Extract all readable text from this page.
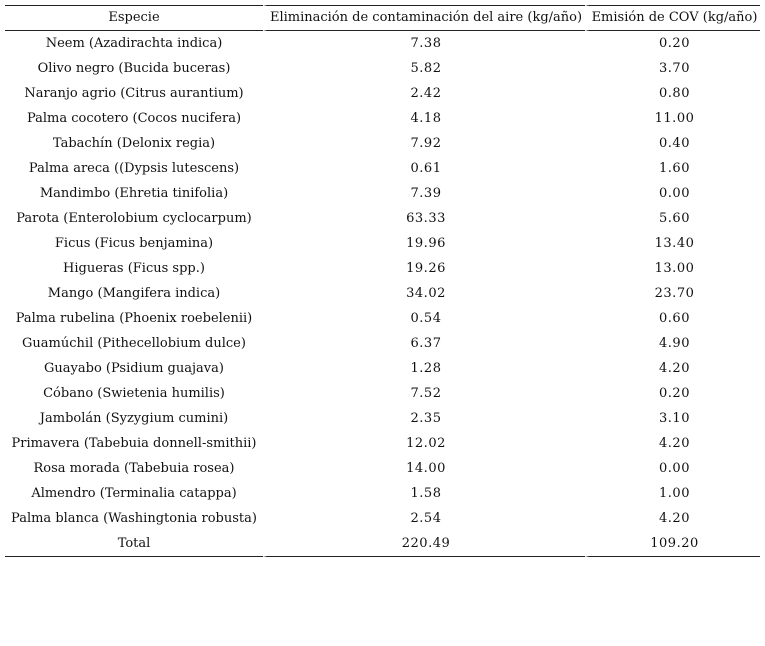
Especie	Eliminación de contaminación del aire (kg/año)	Emisión de COV (kg/año)
Neem (Azadirachta indica)	7.38	0.20
Olivo negro (Bucida buceras)	5.82	3.70
Naranjo agrio (Citrus aurantium)	2.42	0.80
Palma cocotero (Cocos nucifera)	4.18	11.00
Tabachín (Delonix regia)	7.92	0.40
Palma areca ((Dypsis lutescens)	0.61	1.60
Mandimbo (Ehretia tinifolia)	7.39	0.00
Parota (Enterolobium cyclocarpum)	63.33	5.60
Ficus (Ficus benjamina)	19.96	13.40
Higueras (Ficus spp.)	19.26	13.00
Mango (Mangifera indica)	34.02	23.70
Palma rubelina (Phoenix roebelenii)	0.54	0.60
Guamúchil (Pithecellobium dulce)	6.37	4.90
Guayabo (Psidium guajava)	1.28	4.20
Cóbano (Swietenia humilis)	7.52	0.20
Jambolán (Syzygium cumini)	2.35	3.10
Primavera (Tabebuia donnell-smithii)	12.02	4.20
Rosa morada (Tabebuia rosea)	14.00	0.00
Almendro (Terminalia catappa)	1.58	1.00
Palma blanca (Washingtonia robusta)	2.54	4.20
Total	220.49	109.20
